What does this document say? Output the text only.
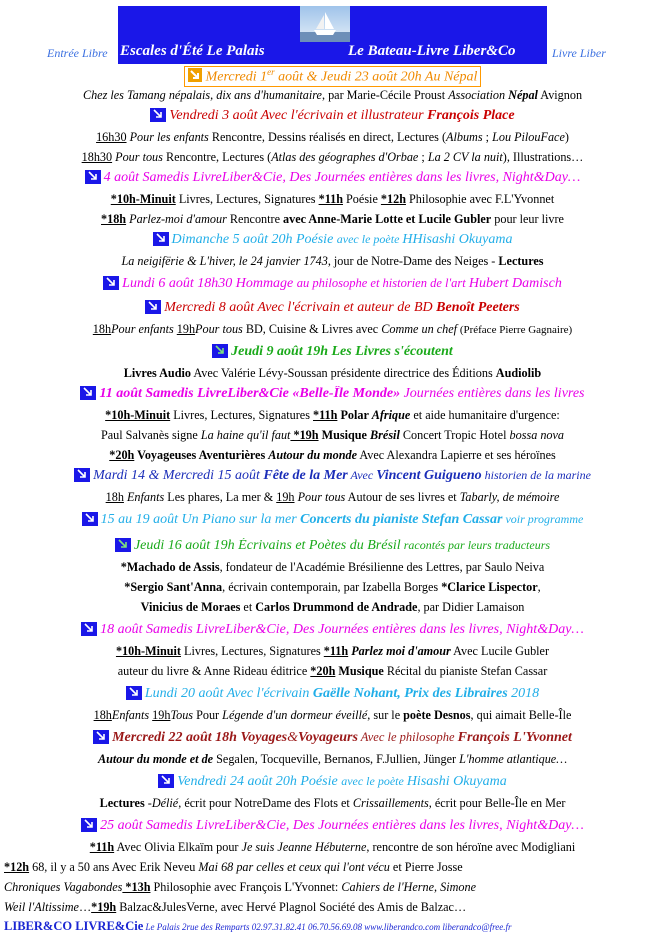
Entrée Libre Escales d'Été Le Palais	Le Bateau-Livre Liber&Co	Livre Liber
Mercredi 1er août & Jeudi 23 août 20h Au Népal
Chez les Tamang népalais, dix ans d'humanitaire, par Marie-Cécile Proust Association Népal Avignon
Vendredi 3 août Avec l'écrivain et illustrateur François Place
16h30 Pour les enfants Rencontre, Dessins réalisés en direct, Lectures (Albums ; Lou PilouFace)
18h30 Pour tous Rencontre, Lectures (Atlas des géographes d'Orbae ; La 2 CV la nuit), Illustrations…
4 août Samedis LivreLiber&Cie, Des Journées entières dans les livres, Night&Day…
*10h-Minuit Livres, Lectures, Signatures *11h Poésie *12h Philosophie avec F.L'Yvonnet
*18h Parlez-moi d'amour Rencontre avec Anne-Marie Lotte et Lucile Gubler pour leur livre
Dimanche 5 août 20h Poésie avec le poète HHisashi Okuyama
La neigifërie & L'hiver, le 24 janvier 1743, jour de Notre-Dame des Neiges - Lectures
Lundi 6 août 18h30 Hommage au philosophe et historien de l'art Hubert Damisch
Mercredi 8 août Avec l'écrivain et auteur de BD Benoît Peeters
18hPour enfants 19hPour tous BD, Cuisine & Livres avec Comme un chef (Préface Pierre Gagnaire)
Jeudi 9 août 19h Les Livres s'écoutent
Livres Audio Avec Valérie Lévy-Soussan présidente directrice des Éditions Audiolib
11 août Samedis LivreLiber&Cie «Belle-Île Monde» Journées entières dans les livres
*10h-Minuit Livres, Lectures, Signatures *11h Polar Afrique et aide humanitaire d'urgence:
Paul Salvanès signe La haine qu'il faut *19h Musique Brésil Concert Tropic Hotel bossa nova
*20h Voyageuses Aventurières Autour du monde Avec Alexandra Lapierre et ses héroïnes
Mardi 14 & Mercredi 15 août Fête de la Mer Avec Vincent Guigueno historien de la marine
18h Enfants Les phares, La mer & 19h Pour tous Autour de ses livres et Tabarly, de mémoire
15 au 19 août Un Piano sur la mer Concerts du pianiste Stefan Cassar voir programme
Jeudi 16 août 19h Écrivains et Poètes du Brésil racontés par leurs traducteurs
*Machado de Assis, fondateur de l'Académie Brésilienne des Lettres, par Saulo Neiva
*Sergio Sant'Anna, écrivain contemporain, par Izabella Borges *Clarice Lispector,
Vinicius de Moraes et Carlos Drummond de Andrade, par Didier Lamaison
18 août Samedis LivreLiber&Cie, Des Journées entières dans les livres, Night&Day…
*10h-Minuit Livres, Lectures, Signatures *11h Parlez moi d'amour Avec Lucile Gubler
auteur du livre & Anne Rideau éditrice *20h Musique Récital du pianiste Stefan Cassar
Lundi 20 août Avec l'écrivain Gaëlle Nohant, Prix des Libraires 2018
18hEnfants 19hTous Pour Légende d'un dormeur éveillé, sur le poète Desnos, qui aimait Belle-Île
Mercredi 22 août 18h Voyages&Voyageurs Avec le philosophe François L'Yvonnet
Autour du monde et de Segalen, Tocqueville, Bernanos, F.Jullien, Jünger L'homme atlantique…
Vendredi 24 août 20h Poésie avec le poète Hisashi Okuyama
Lectures -Délié, écrit pour NotreDame des Flots et Crissaillements, écrit pour Belle-Île en Mer
25 août Samedis LivreLiber&Cie, Des Journées entières dans les livres, Night&Day…
*11h Avec Olivia Elkaïm pour Je suis Jeanne Hébuterne, rencontre de son héroïne avec Modigliani
*12h 68, il y a 50 ans Avec Erik Neveu Mai 68 par celles et ceux qui l'ont vécu et Pierre Josse
Chroniques Vagabondes *13h Philosophie avec François L'Yvonnet: Cahiers de l'Herne, Simone
Weil l'Altissime…*19h Balzac&JulesVerne, avec Hervé Plagnol Société des Amis de Balzac…
LIBER&CO LIVRE&Cie Le Palais 2rue des Remparts 02.97.31.82.41 06.70.56.69.08 www.liberandco.com liberandco@free.fr
